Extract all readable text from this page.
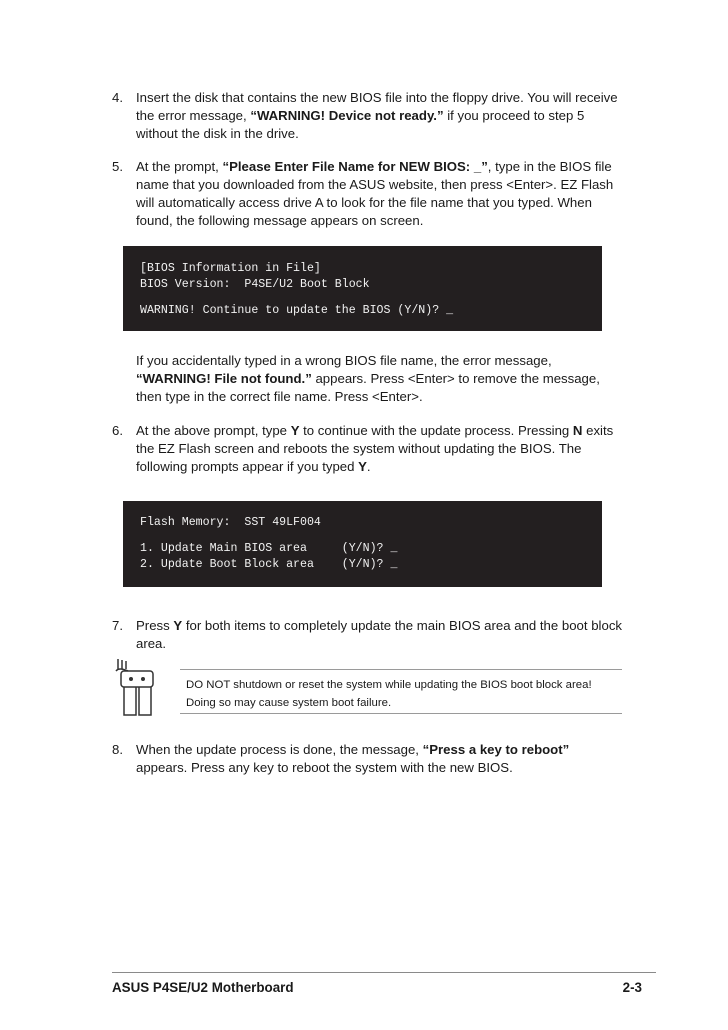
4. Insert the disk that contains the new BIOS file into the floppy drive. You will receive the error message, “WARNING! Device not ready.” if you proceed to step 5 without the disk in the drive.
5. At the prompt, “Please Enter File Name for NEW BIOS: _”, type in the BIOS file name that you downloaded from the ASUS website, then press <Enter>. EZ Flash will automatically access drive A to look for the file name that you typed. When found, the following message appears on screen.
[BIOS Information in File]
BIOS Version:  P4SE/U2 Boot Block
WARNING! Continue to update the BIOS (Y/N)? _
If you accidentally typed in a wrong BIOS file name, the error message, “WARNING! File not found.” appears. Press <Enter> to remove the message, then type in the correct file name. Press <Enter>.
6. At the above prompt, type Y to continue with the update process. Pressing N exits the EZ Flash screen and reboots the system without updating the BIOS. The following prompts appear if you typed Y.
Flash Memory:  SST 49LF004
1. Update Main BIOS area     (Y/N)? _
2. Update Boot Block area    (Y/N)? _
7. Press Y for both items to completely update the main BIOS area and the boot block area.
DO NOT shutdown or reset the system while updating the BIOS boot block area! Doing so may cause system boot failure.
8. When the update process is done, the message, “Press a key to reboot” appears. Press any key to reboot the system with the new BIOS.
ASUS P4SE/U2 Motherboard	2-3
